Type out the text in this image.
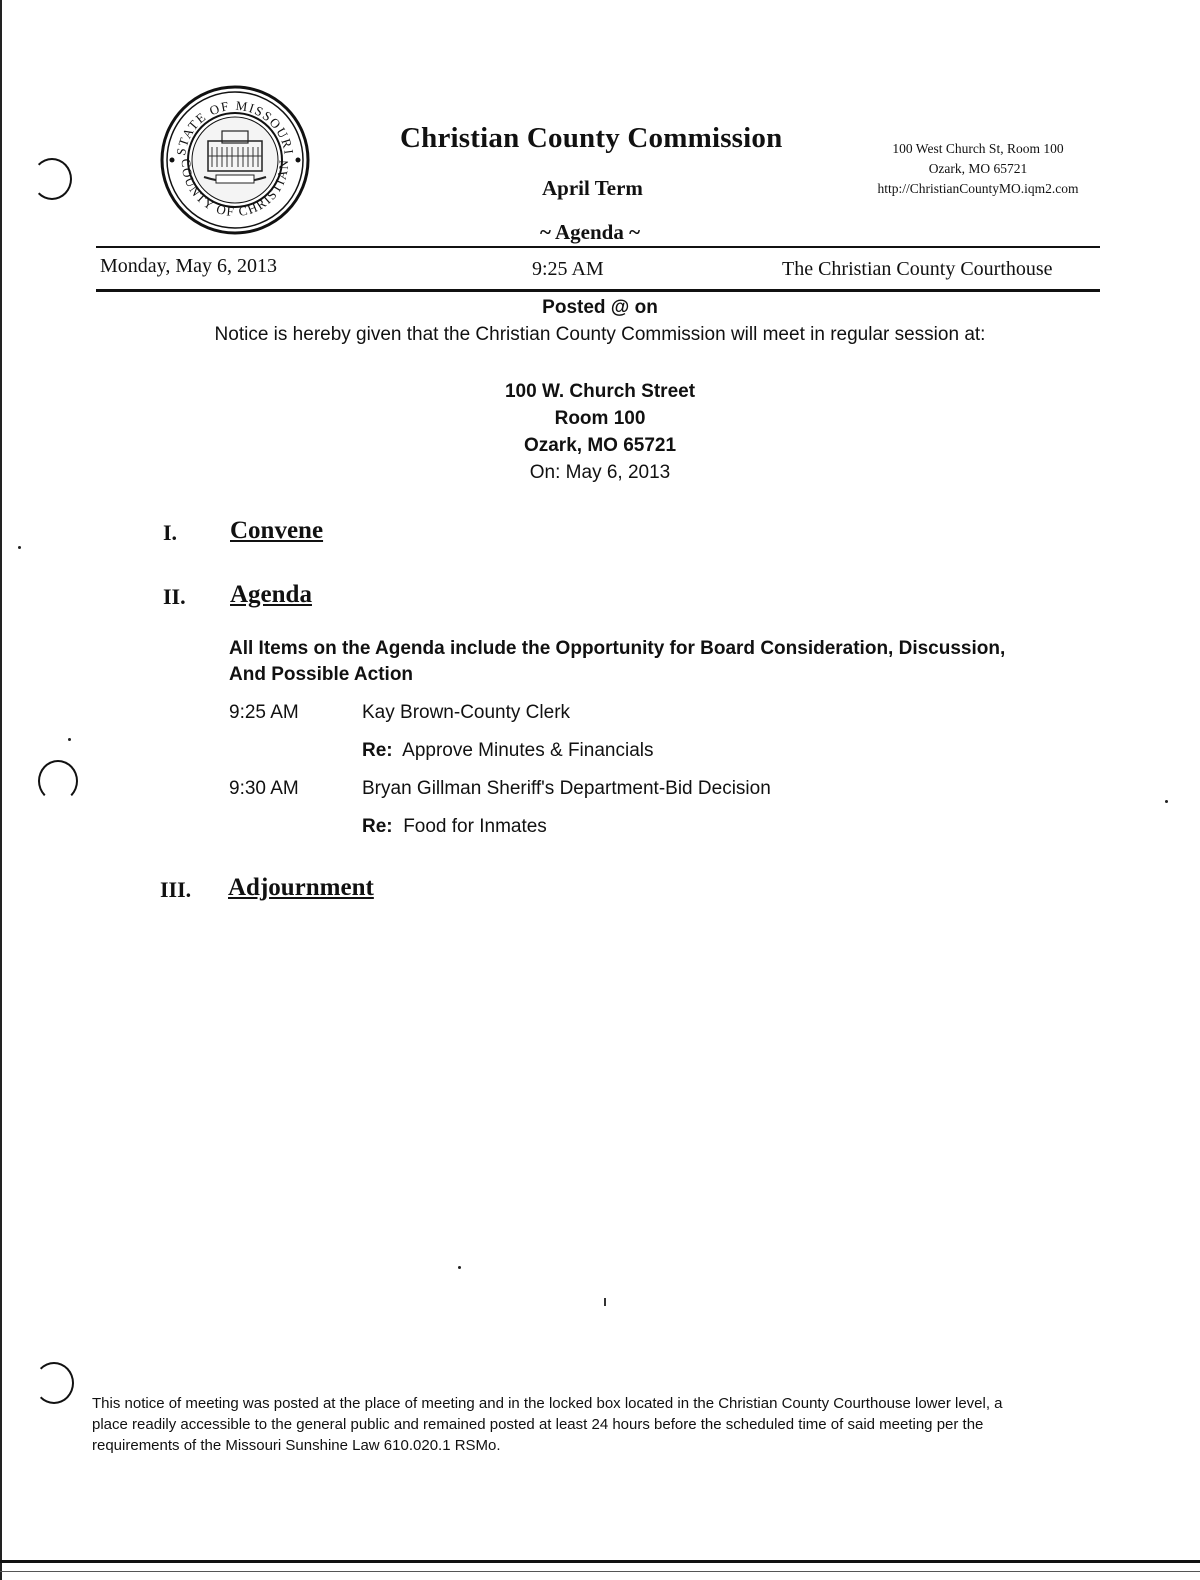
STATE OF MISSOURI
COUNTY OF CHRISTIAN
Christian County Commission
April Term
~ Agenda ~
100 West Church St, Room 100
Ozark, MO 65721
http://ChristianCountyMO.iqm2.com
Monday, May 6, 2013	9:25 AM	The Christian County Courthouse
Posted @ on
Notice is hereby given that the Christian County Commission will meet in regular session at:
100 W. Church Street
Room 100
Ozark, MO 65721
On: May 6, 2013
I. Convene
II. Agenda
All Items on the Agenda include the Opportunity for Board Consideration, Discussion,
And Possible Action
9:25 AM	Kay Brown-County Clerk
Re: Approve Minutes & Financials
9:30 AM	Bryan Gillman Sheriff's Department-Bid Decision
Re: Food for Inmates
III. Adjournment
This notice of meeting was posted at the place of meeting and in the locked box located in the Christian County Courthouse lower level, a place readily accessible to the general public and remained posted at least 24 hours before the scheduled time of said meeting per the requirements of the Missouri Sunshine Law 610.020.1 RSMo.
